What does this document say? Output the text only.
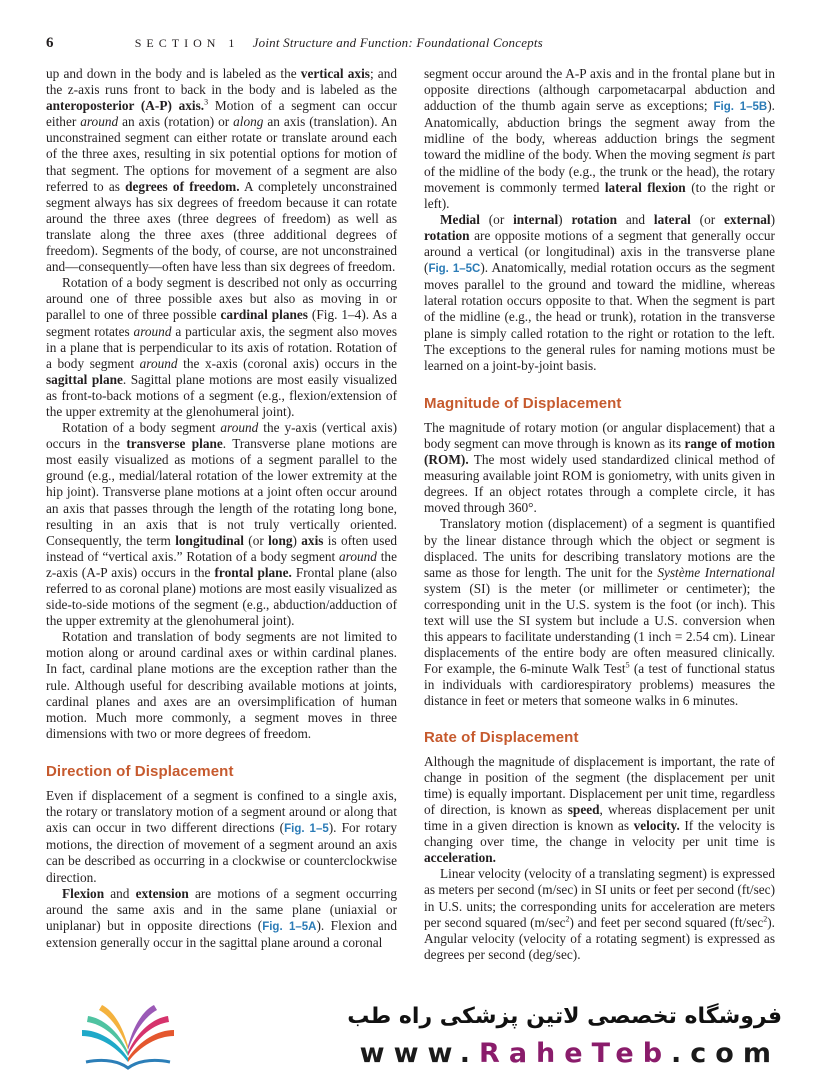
6	SECTION 1 Joint Structure and Function: Foundational Concepts

up and down in the body and is labeled as the vertical axis; and the z-axis runs front to back in the body and is labeled as the anteroposterior (A-P) axis.$^3$ Motion of a segment can occur either around an axis (rotation) or along an axis (translation). An unconstrained segment can either rotate or translate around each of the three axes, resulting in six potential options for motion of that segment. The options for movement of a segment are also referred to as degrees of freedom. A completely unconstrained segment always has six degrees of freedom because it can rotate around the three axes (three degrees of freedom) as well as translate along the three axes (three additional degrees of freedom). Segments of the body, of course, are not unconstrained and—consequently—often have less than six degrees of freedom.

Rotation of a body segment is described not only as occurring around one of three possible axes but also as moving in or parallel to one of three possible cardinal planes (Fig. 1–4). As a segment rotates around a particular axis, the segment also moves in a plane that is perpendicular to its axis of rotation. Rotation of a body segment around the x-axis (coronal axis) occurs in the sagittal plane. Sagittal plane motions are most easily visualized as front-to-back motions of a segment (e.g., flexion/extension of the upper extremity at the glenohumeral joint).

Rotation of a body segment around the y-axis (vertical axis) occurs in the transverse plane. Transverse plane motions are most easily visualized as motions of a segment parallel to the ground (e.g., medial/lateral rotation of the lower extremity at the hip joint). Transverse plane motions at a joint often occur around an axis that passes through the length of the rotating long bone, resulting in an axis that is not truly vertically oriented. Consequently, the term longitudinal (or long) axis is often used instead of “vertical axis.” Rotation of a body segment around the z-axis (A-P axis) occurs in the frontal plane. Frontal plane (also referred to as coronal plane) motions are most easily visualized as side-to-side motions of the segment (e.g., abduction/adduction of the upper extremity at the glenohumeral joint).

Rotation and translation of body segments are not limited to motion along or around cardinal axes or within cardinal planes. In fact, cardinal plane motions are the exception rather than the rule. Although useful for describing available motions at joints, cardinal planes and axes are an oversimplification of human motion. Much more commonly, a segment moves in three dimensions with two or more degrees of freedom.

Direction of Displacement

Even if displacement of a segment is confined to a single axis, the rotary or translatory motion of a segment around or along that axis can occur in two different directions (Fig. 1–5). For rotary motions, the direction of movement of a segment around an axis can be described as occurring in a clockwise or counterclockwise direction.

Flexion and extension are motions of a segment occurring around the same axis and in the same plane (uniaxial or uniplanar) but in opposite directions (Fig. 1–5A). Flexion and extension generally occur in the sagittal plane around a coronal

segment occur around the A-P axis and in the frontal plane but in opposite directions (although carpometacarpal abduction and adduction of the thumb again serve as exceptions; Fig. 1–5B). Anatomically, abduction brings the segment away from the midline of the body, whereas adduction brings the segment toward the midline of the body. When the moving segment is part of the midline of the body (e.g., the trunk or the head), the rotary movement is commonly termed lateral flexion (to the right or left).

Medial (or internal) rotation and lateral (or external) rotation are opposite motions of a segment that generally occur around a vertical (or longitudinal) axis in the transverse plane (Fig. 1–5C). Anatomically, medial rotation occurs as the segment moves parallel to the ground and toward the midline, whereas lateral rotation occurs opposite to that. When the segment is part of the midline (e.g., the head or trunk), rotation in the transverse plane is simply called rotation to the right or rotation to the left. The exceptions to the general rules for naming motions must be learned on a joint-by-joint basis.

Magnitude of Displacement

The magnitude of rotary motion (or angular displacement) that a body segment can move through is known as its range of motion (ROM). The most widely used standardized clinical method of measuring available joint ROM is goniometry, with units given in degrees. If an object rotates through a complete circle, it has moved through 360°.

Translatory motion (displacement) of a segment is quantified by the linear distance through which the object or segment is displaced. The units for describing translatory motions are the same as those for length. The unit for the Système International system (SI) is the meter (or millimeter or centimeter); the corresponding unit in the U.S. system is the foot (or inch). This text will use the SI system but include a U.S. conversion when this appears to facilitate understanding (1 inch = 2.54 cm). Linear displacements of the entire body are often measured clinically. For example, the 6-minute Walk Test$^5$ (a test of functional status in individuals with cardiorespiratory problems) measures the distance in feet or meters that someone walks in 6 minutes.

Rate of Displacement

Although the magnitude of displacement is important, the rate of change in position of the segment (the displacement per unit time) is equally important. Displacement per unit time, regardless of direction, is known as speed, whereas displacement per unit time in a given direction is known as velocity. If the velocity is changing over time, the change in velocity per unit time is acceleration.

Linear velocity (velocity of a translating segment) is expressed as meters per second (m/sec) in SI units or feet per second (ft/sec) in U.S. units; the corresponding units for acceleration are meters per second squared $(m/\sec^2)$ and feet per second squared $(ft/\sec^2)$. Angular velocity (velocity of a rotating segment) is expressed as degrees per second (deg/sec).

فروشگاه تخصصی لاتین پزشکی راه طب
www.RaheTeb.com
